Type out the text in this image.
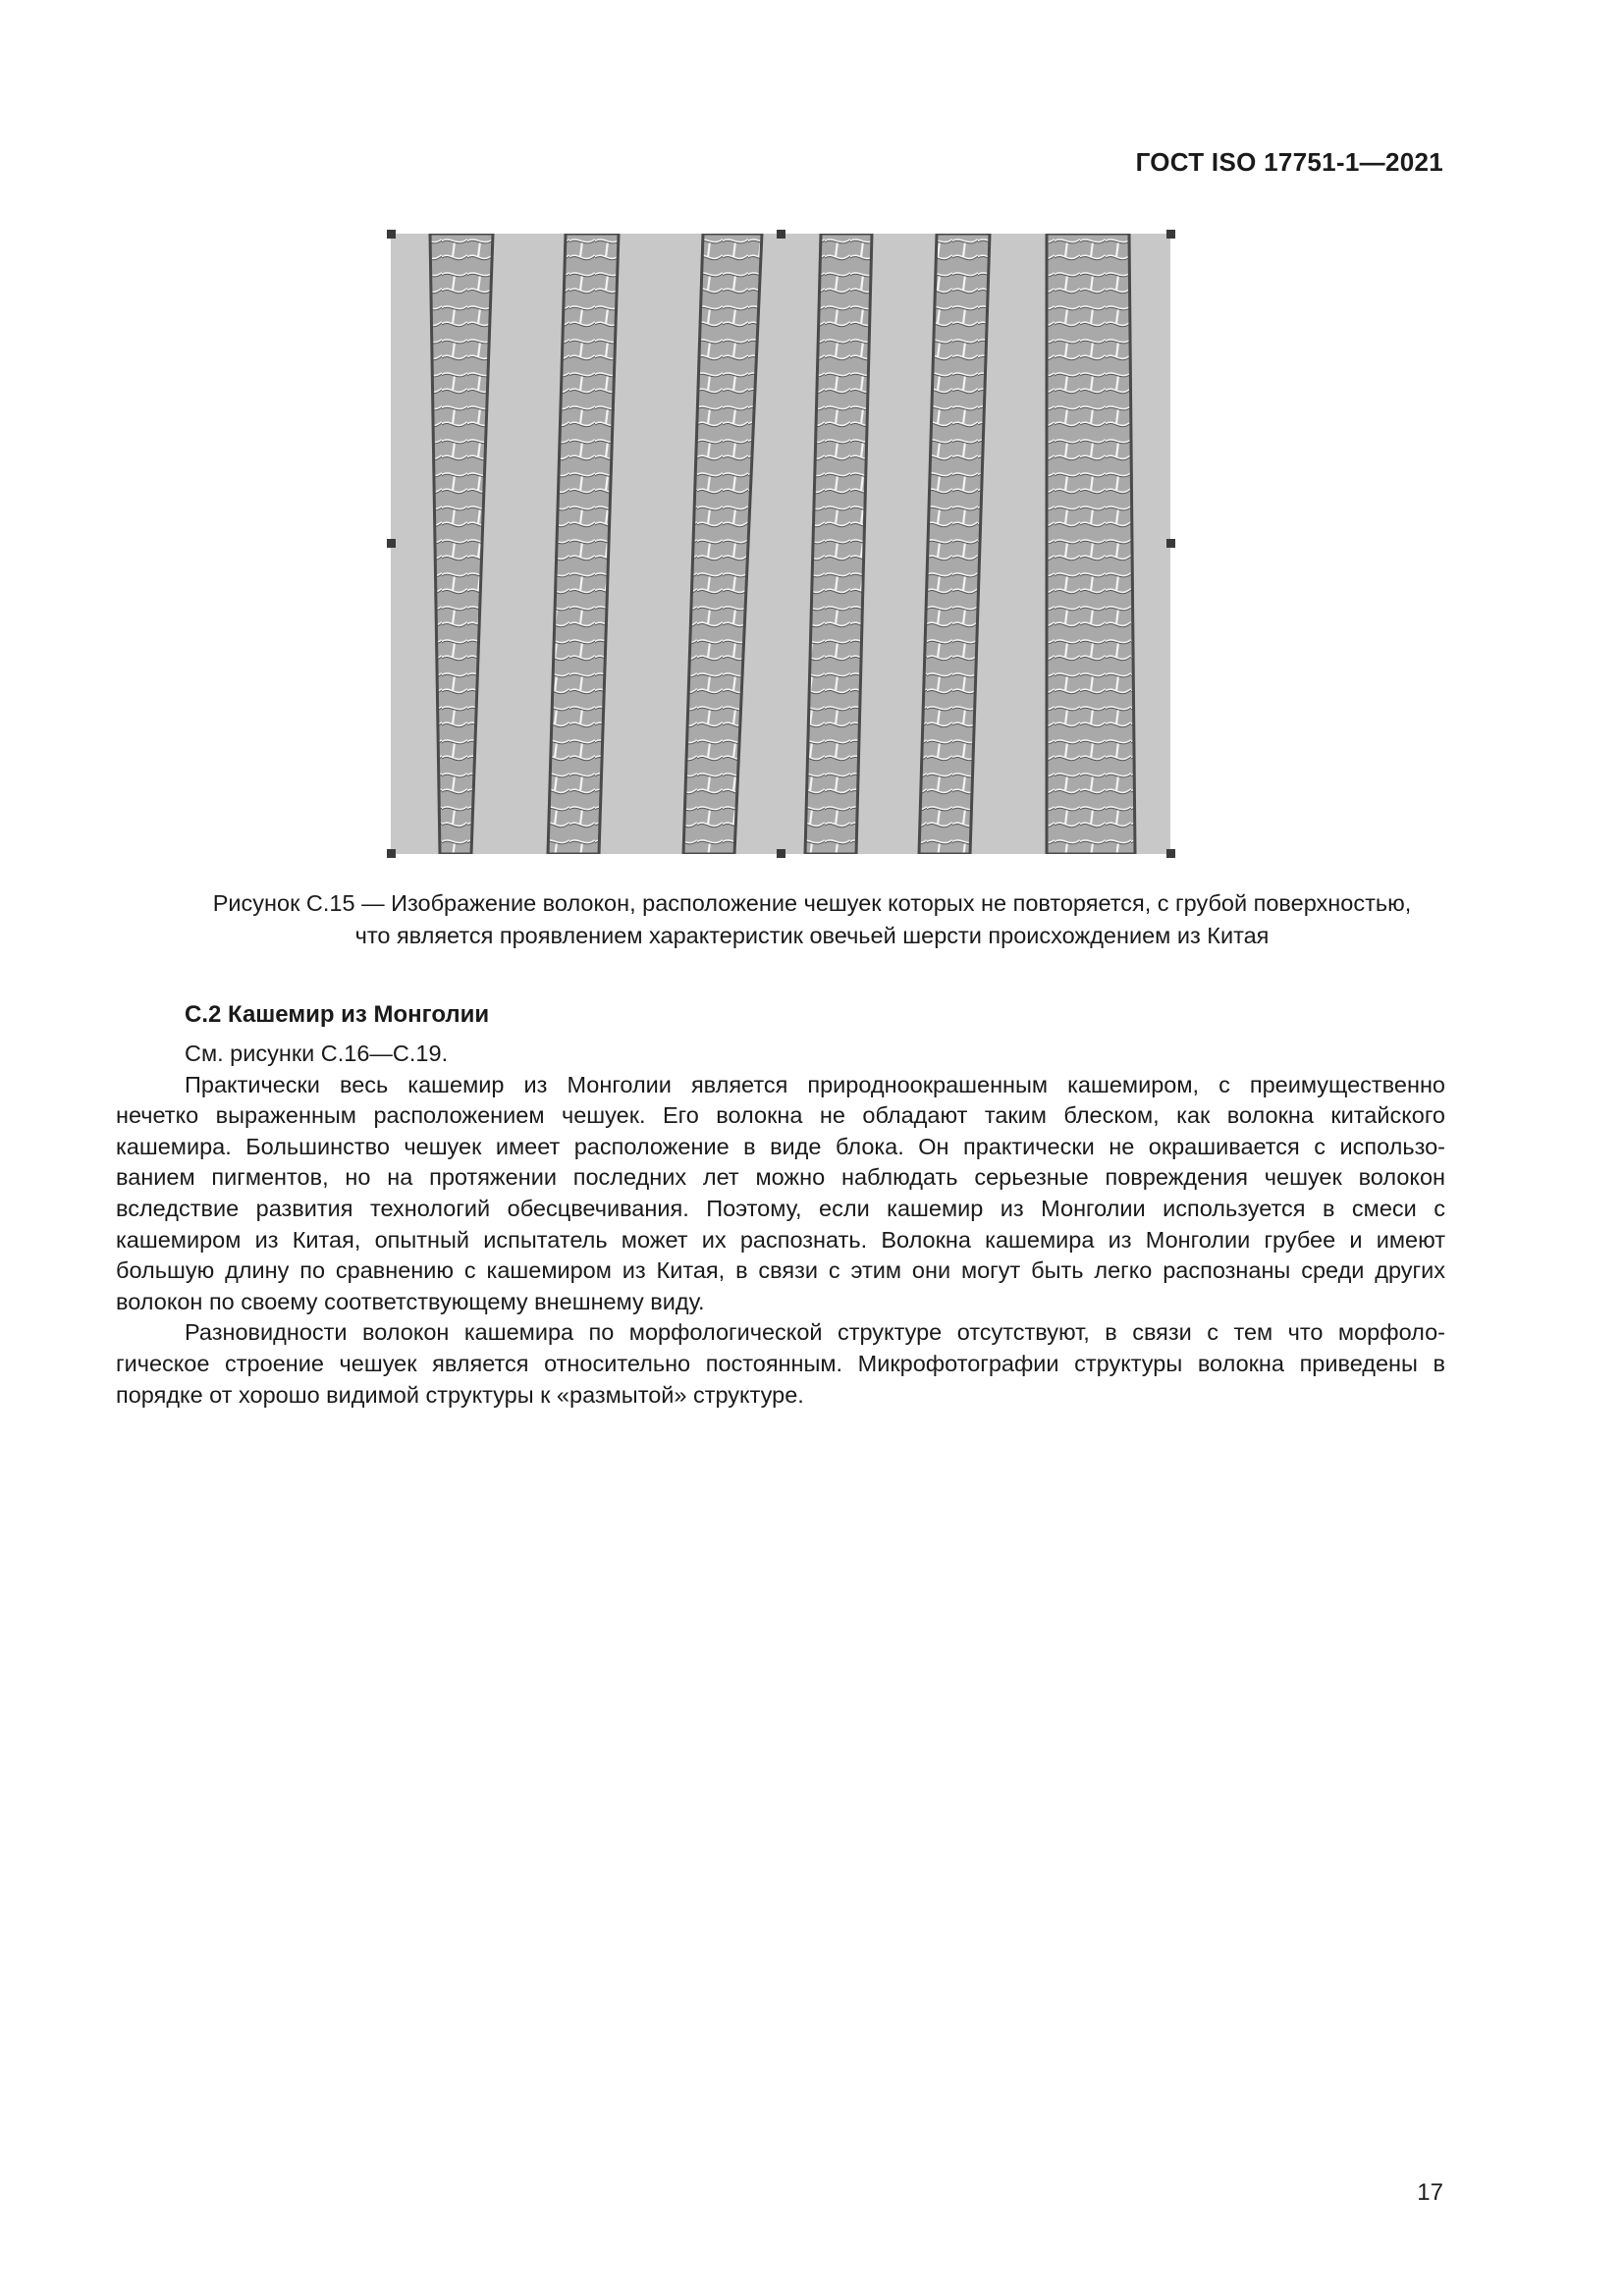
ГОСТ ISO 17751-1—2021
Рисунок С.15 — Изображение волокон, расположение чешуек которых не повторяется, с грубой поверхностью,
что является проявлением характеристик овечьей шерсти происхождением из Китая
С.2 Кашемир из Монголии
См. рисунки С.16—С.19.
Практически весь кашемир из Монголии является природноокрашенным кашемиром, с преимущественно
нечетко выраженным расположением чешуек. Его волокна не обладают таким блеском, как волокна китайского
кашемира. Большинство чешуек имеет расположение в виде блока. Он практически не окрашивается с использо-
ванием пигментов, но на протяжении последних лет можно наблюдать серьезные повреждения чешуек волокон
вследствие развития технологий обесцвечивания. Поэтому, если кашемир из Монголии используется в смеси с
кашемиром из Китая, опытный испытатель может их распознать. Волокна кашемира из Монголии грубее и имеют
большую длину по сравнению с кашемиром из Китая, в связи с этим они могут быть легко распознаны среди других
волокон по своему соответствующему внешнему виду.
Разновидности волокон кашемира по морфологической структуре отсутствуют, в связи с тем что морфоло-
гическое строение чешуек является относительно постоянным. Микрофотографии структуры волокна приведены в
порядке от хорошо видимой структуры к «размытой» структуре.
17
